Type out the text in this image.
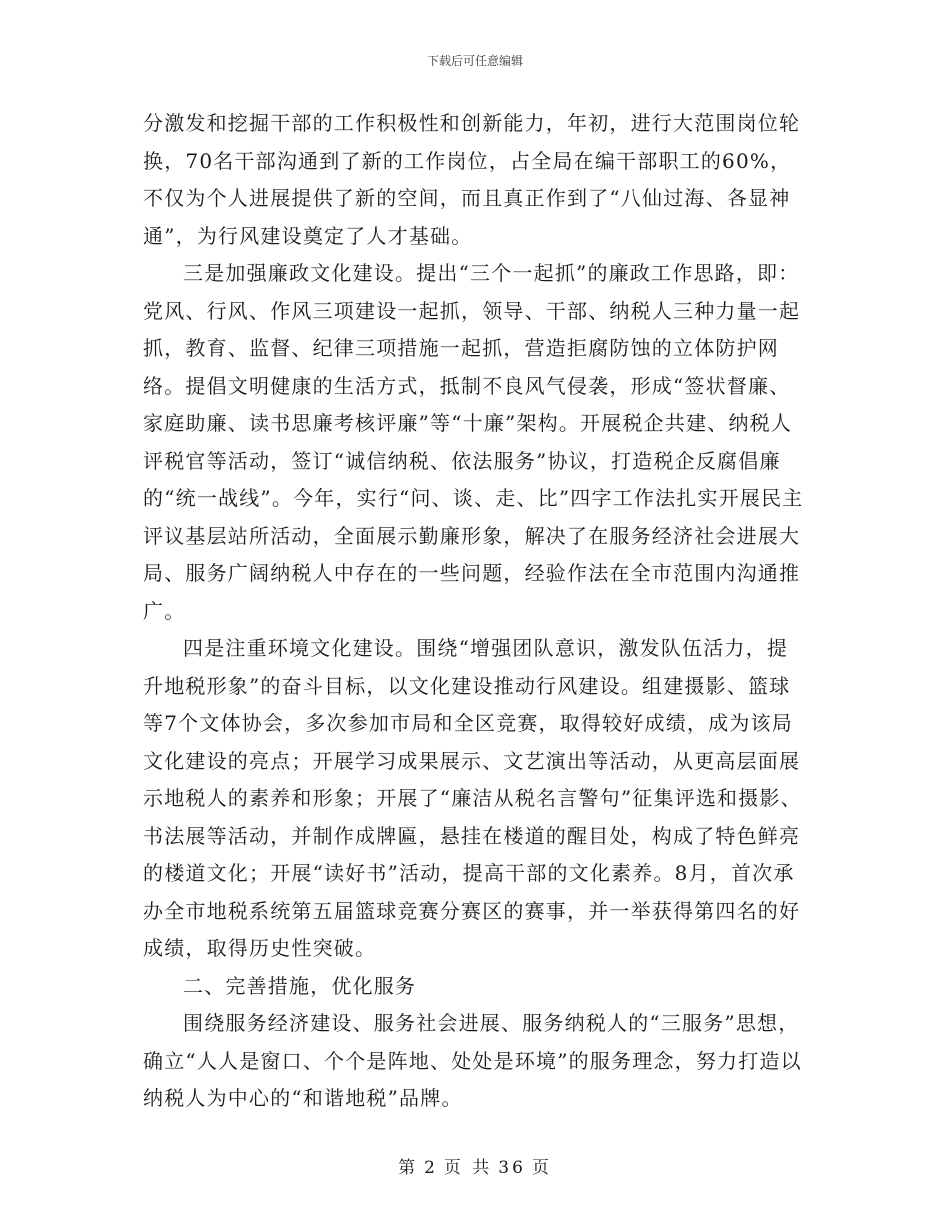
下载后可任意编辑

分激发和挖掘干部的工作积极性和创新能力，年初，进行大范围岗位轮换，70名干部沟通到了新的工作岗位，占全局在编干部职工的60%，不仅为个人进展提供了新的空间，而且真正作到了“八仙过海、各显神通”，为行风建设奠定了人才基础。

三是加强廉政文化建设。提出“三个一起抓”的廉政工作思路，即：党风、行风、作风三项建设一起抓，领导、干部、纳税人三种力量一起抓，教育、监督、纪律三项措施一起抓，营造拒腐防蚀的立体防护网络。提倡文明健康的生活方式，抵制不良风气侵袭，形成“签状督廉、家庭助廉、读书思廉考核评廉”等“十廉”架构。开展税企共建、纳税人评税官等活动，签订“诚信纳税、依法服务”协议，打造税企反腐倡廉的“统一战线”。今年，实行“问、谈、走、比”四字工作法扎实开展民主评议基层站所活动，全面展示勤廉形象，解决了在服务经济社会进展大局、服务广阔纳税人中存在的一些问题，经验作法在全市范围内沟通推广。

四是注重环境文化建设。围绕“增强团队意识，激发队伍活力，提升地税形象”的奋斗目标，以文化建设推动行风建设。组建摄影、篮球等7个文体协会，多次参加市局和全区竞赛，取得较好成绩，成为该局文化建设的亮点；开展学习成果展示、文艺演出等活动，从更高层面展示地税人的素养和形象；开展了“廉洁从税名言警句”征集评选和摄影、书法展等活动，并制作成牌匾，悬挂在楼道的醒目处，构成了特色鲜亮的楼道文化；开展“读好书”活动，提高干部的文化素养。8月，首次承办全市地税系统第五届篮球竞赛分赛区的赛事，并一举获得第四名的好成绩，取得历史性突破。

二、完善措施，优化服务

围绕服务经济建设、服务社会进展、服务纳税人的“三服务”思想，确立“人人是窗口、个个是阵地、处处是环境”的服务理念，努力打造以纳税人为中心的“和谐地税”品牌。

第 2 页 共 36 页
